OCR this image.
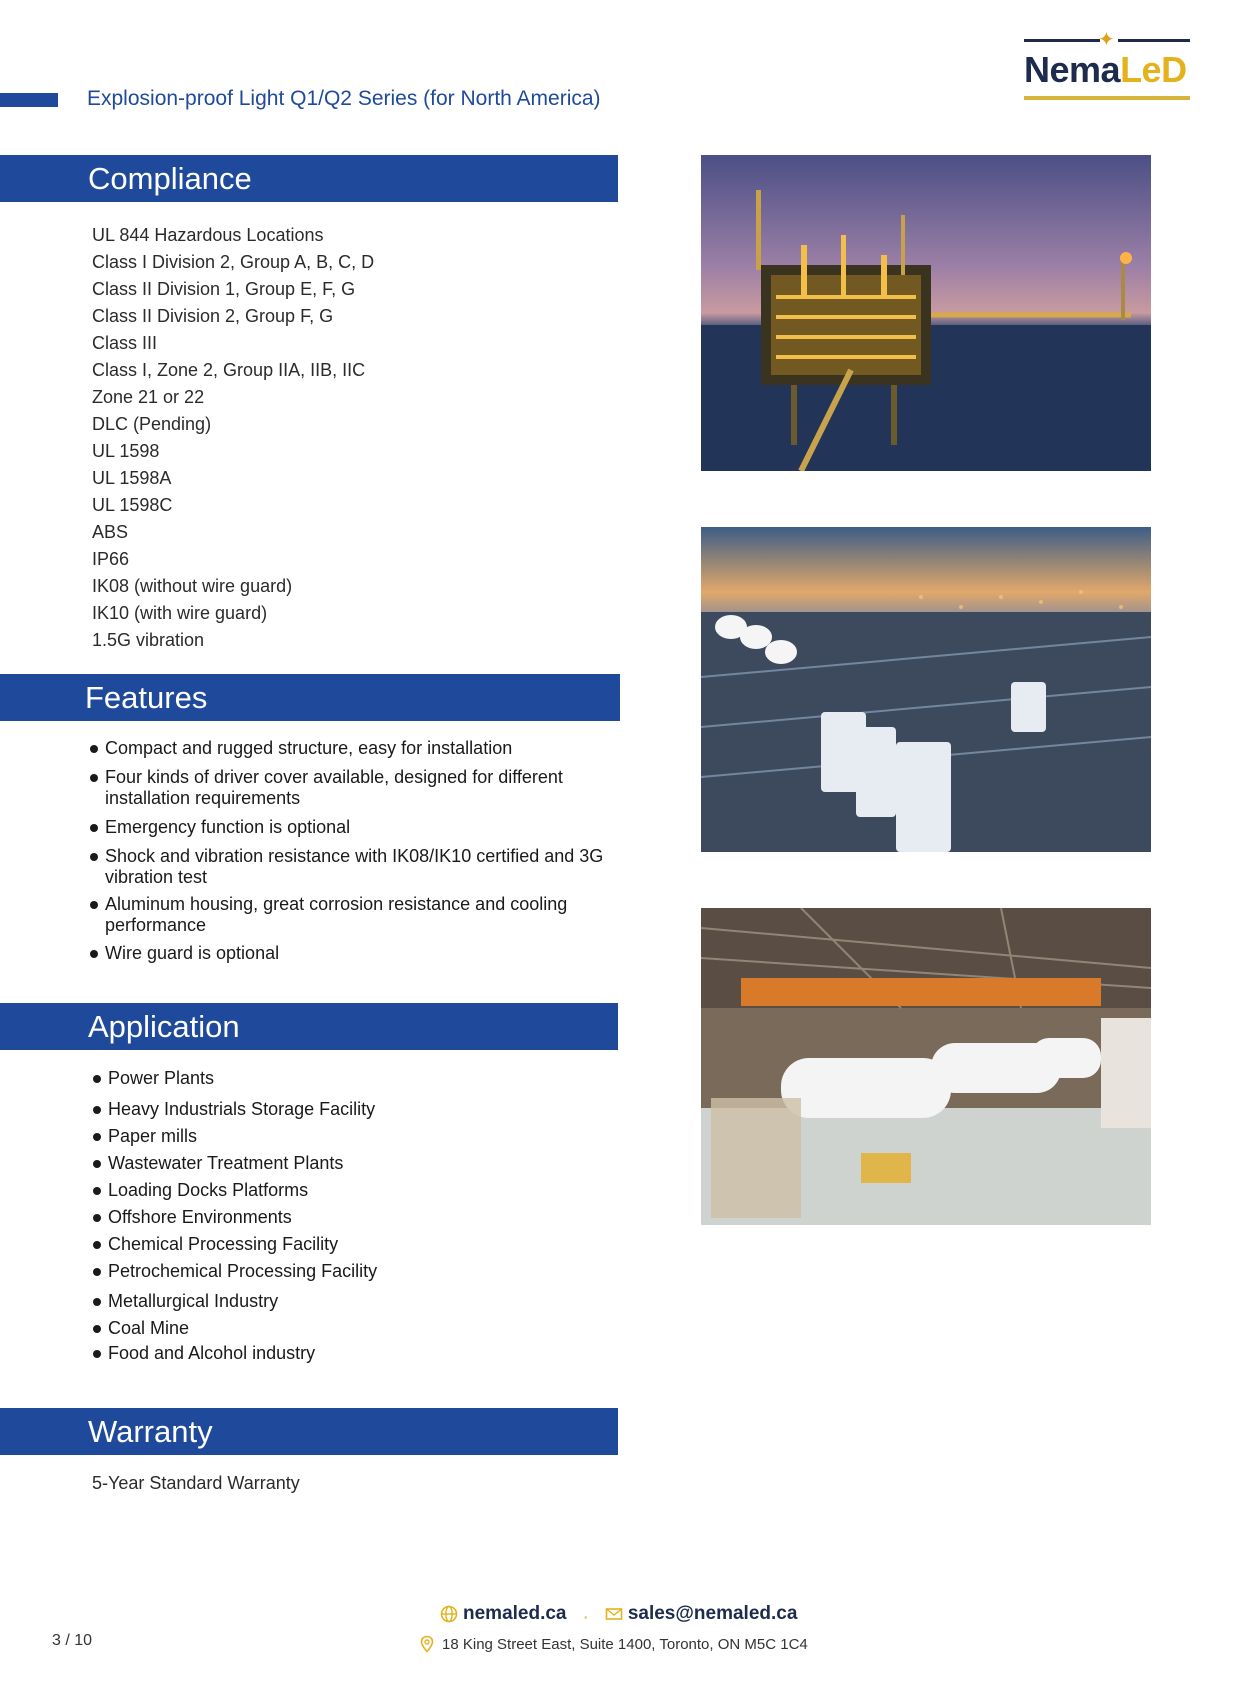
Explosion-proof Light Q1/Q2 Series (for North America)
✦
NemaLeD
Compliance
UL 844 Hazardous Locations
Class I Division 2, Group A, B, C, D
Class II Division 1, Group E, F, G
Class II Division 2, Group F, G
Class III
Class I, Zone 2, Group IIA, IIB, IIC
Zone 21 or 22
DLC (Pending)
UL 1598
UL 1598A
UL 1598C
ABS
IP66
IK08 (without wire guard)
IK10 (with wire guard)
1.5G vibration
Features
Compact and rugged structure, easy for installation
Four kinds of driver cover available, designed for different installation requirements
Emergency function is optional
Shock and vibration resistance with IK08/IK10 certified and 3G vibration test
Aluminum housing, great corrosion resistance and cooling performance
Wire guard is optional
Application
Power Plants
Heavy Industrials Storage Facility
Paper mills
Wastewater Treatment Plants
Loading Docks Platforms
Offshore Environments
Chemical Processing Facility
Petrochemical Processing Facility
Metallurgical Industry
Coal Mine
Food and Alcohol industry
Warranty
5-Year Standard Warranty
3 / 10
nemaled.ca · sales@nemaled.ca
18 King Street East, Suite 1400, Toronto, ON M5C 1C4
